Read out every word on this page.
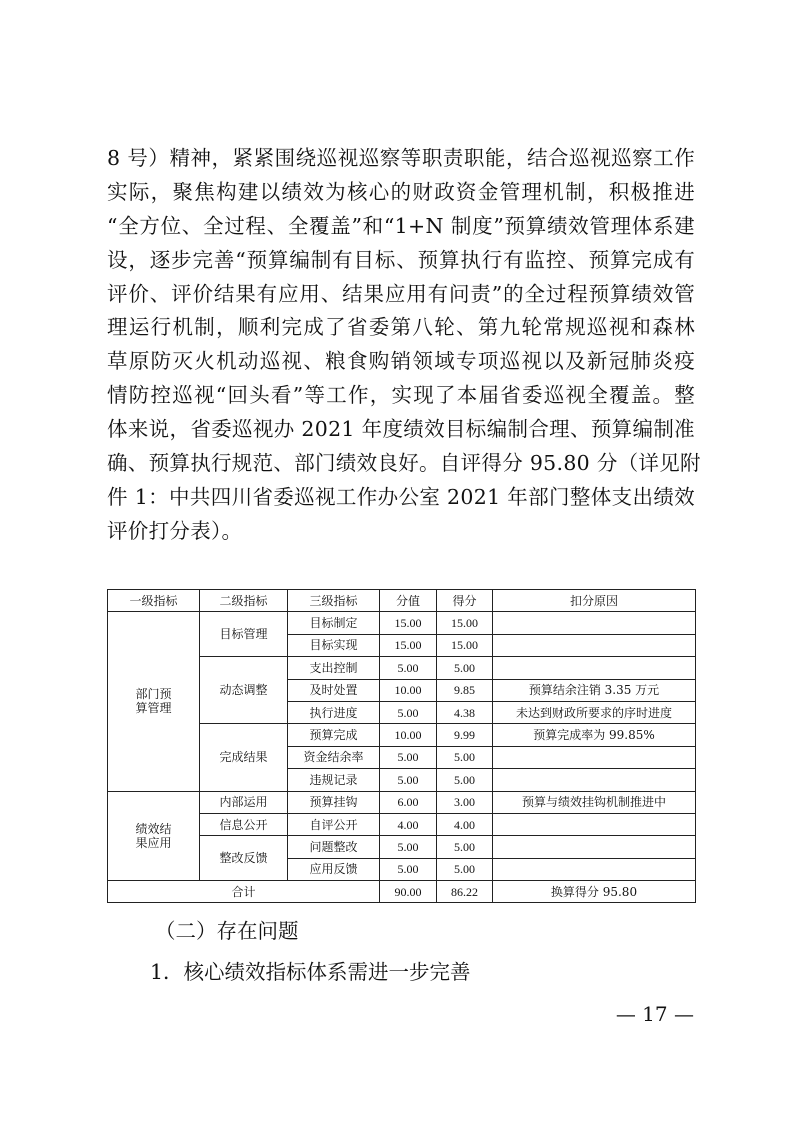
8 号）精神，紧紧围绕巡视巡察等职责职能，结合巡视巡察工作
实际，聚焦构建以绩效为核心的财政资金管理机制，积极推进
“全方位、全过程、全覆盖”和“1+N 制度”预算绩效管理体系建
设，逐步完善“预算编制有目标、预算执行有监控、预算完成有
评价、评价结果有应用、结果应用有问责”的全过程预算绩效管
理运行机制，顺利完成了省委第八轮、第九轮常规巡视和森林
草原防灭火机动巡视、粮食购销领域专项巡视以及新冠肺炎疫
情防控巡视“回头看”等工作，实现了本届省委巡视全覆盖。整
体来说，省委巡视办 2021 年度绩效目标编制合理、预算编制准
确、预算执行规范、部门绩效良好。自评得分 95.80 分（详见附
件 1：中共四川省委巡视工作办公室 2021 年部门整体支出绩效
评价打分表）。
一级指标	二级指标	三级指标	分值	得分	扣分原因
部门预
算管理	目标管理	目标制定	15.00	15.00	
		目标实现	15.00	15.00	
	动态调整	支出控制	5.00	5.00	
		及时处置	10.00	9.85	预算结余注销 3.35 万元
		执行进度	5.00	4.38	未达到财政所要求的序时进度
	完成结果	预算完成	10.00	9.99	预算完成率为 99.85%
		资金结余率	5.00	5.00	
		违规记录	5.00	5.00	
绩效结
果应用	内部运用	预算挂钩	6.00	3.00	预算与绩效挂钩机制推进中
	信息公开	自评公开	4.00	4.00	
	整改反馈	问题整改	5.00	5.00	
		应用反馈	5.00	5.00	
合计			90.00	86.22	换算得分 95.80
（二）存在问题
1．核心绩效指标体系需进一步完善
— 17 —
